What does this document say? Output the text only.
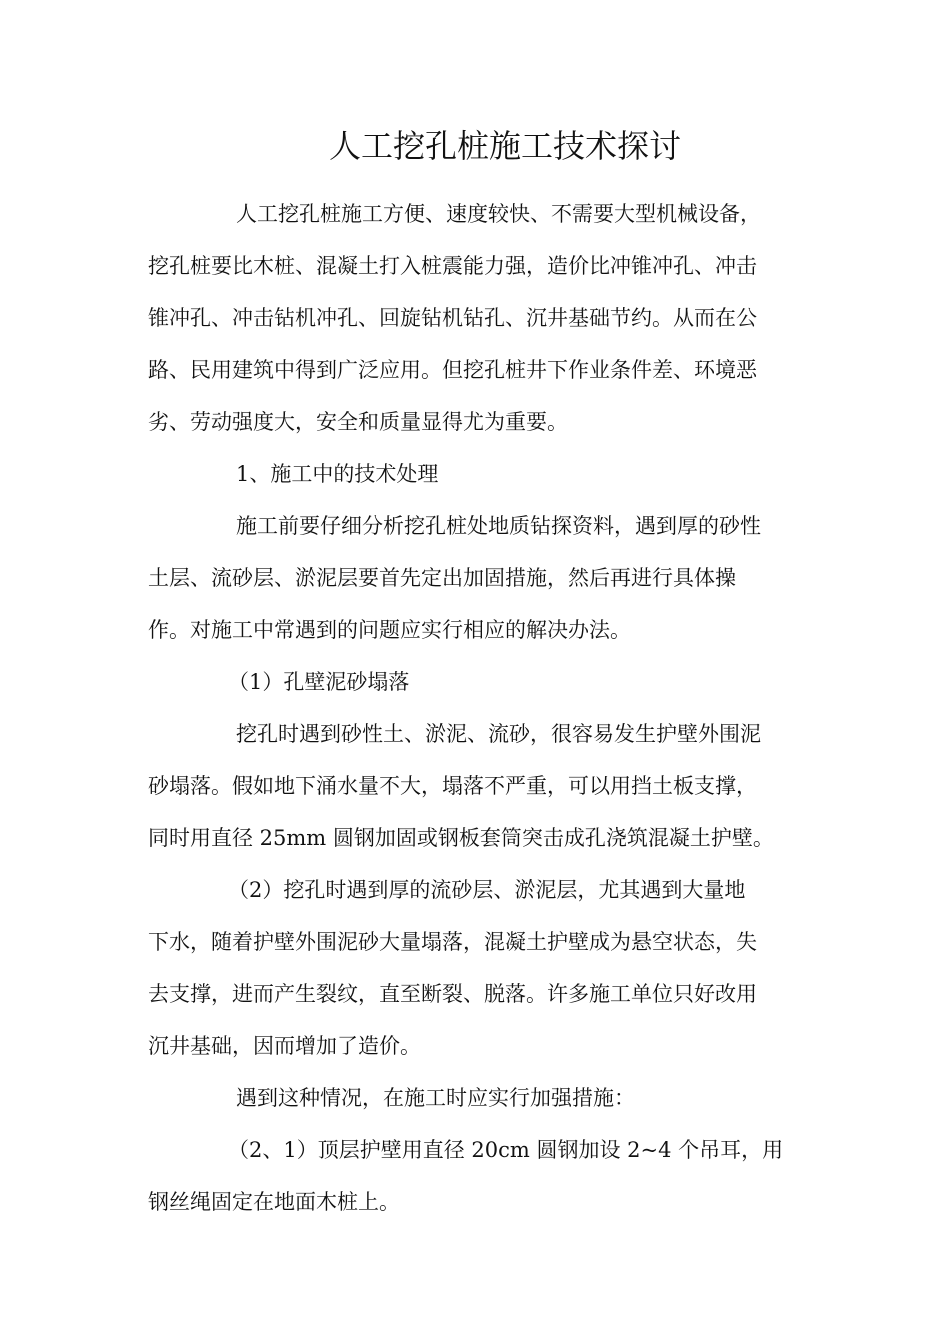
人工挖孔桩施工技术探讨
人工挖孔桩施工方便、速度较快、不需要大型机械设备，
挖孔桩要比木桩、混凝土打入桩震能力强，造价比冲锥冲孔、冲击
锥冲孔、冲击钻机冲孔、回旋钻机钻孔、沉井基础节约。从而在公
路、民用建筑中得到广泛应用。但挖孔桩井下作业条件差、环境恶
劣、劳动强度大，安全和质量显得尤为重要。
1、施工中的技术处理
施工前要仔细分析挖孔桩处地质钻探资料，遇到厚的砂性
土层、流砂层、淤泥层要首先定出加固措施，然后再进行具体操
作。对施工中常遇到的问题应实行相应的解决办法。
（1）孔壁泥砂塌落
挖孔时遇到砂性土、淤泥、流砂，很容易发生护壁外围泥
砂塌落。假如地下涌水量不大，塌落不严重，可以用挡土板支撑，
同时用直径 25mm 圆钢加固或钢板套筒突击成孔浇筑混凝土护壁。
（2）挖孔时遇到厚的流砂层、淤泥层，尤其遇到大量地
下水，随着护壁外围泥砂大量塌落，混凝土护壁成为悬空状态，失
去支撑，进而产生裂纹，直至断裂、脱落。许多施工单位只好改用
沉井基础，因而增加了造价。
遇到这种情况，在施工时应实行加强措施：
（2、1）顶层护壁用直径 20cm 圆钢加设 2~4 个吊耳，用
钢丝绳固定在地面木桩上。
